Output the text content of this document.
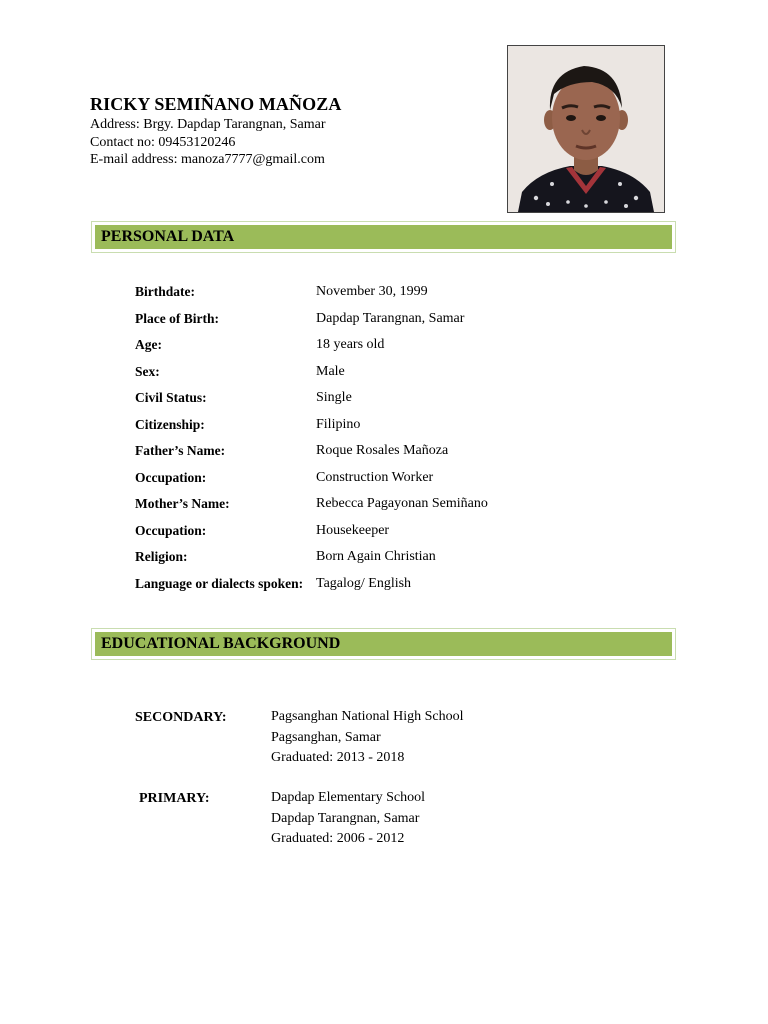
RICKY SEMIÑANO MAÑOZA
Address: Brgy. Dapdap Tarangnan, Samar
Contact no: 09453120246
E-mail address: manoza7777@gmail.com
PERSONAL DATA
Birthdate:	November 30, 1999
Place of Birth:	Dapdap Tarangnan, Samar
Age:	18 years old
Sex:	Male
Civil Status:	Single
Citizenship:	Filipino
Father’s Name:	Roque Rosales Mañoza
Occupation:	Construction Worker
Mother’s Name:	Rebecca Pagayonan Semiñano
Occupation:	Housekeeper
Religion:	Born Again Christian
Language or dialects spoken: Tagalog/ English
EDUCATIONAL BACKGROUND
SECONDARY:	Pagsanghan National High School
Pagsanghan, Samar
Graduated: 2013 - 2018
PRIMARY:	Dapdap Elementary School
Dapdap Tarangnan, Samar
Graduated: 2006 - 2012
